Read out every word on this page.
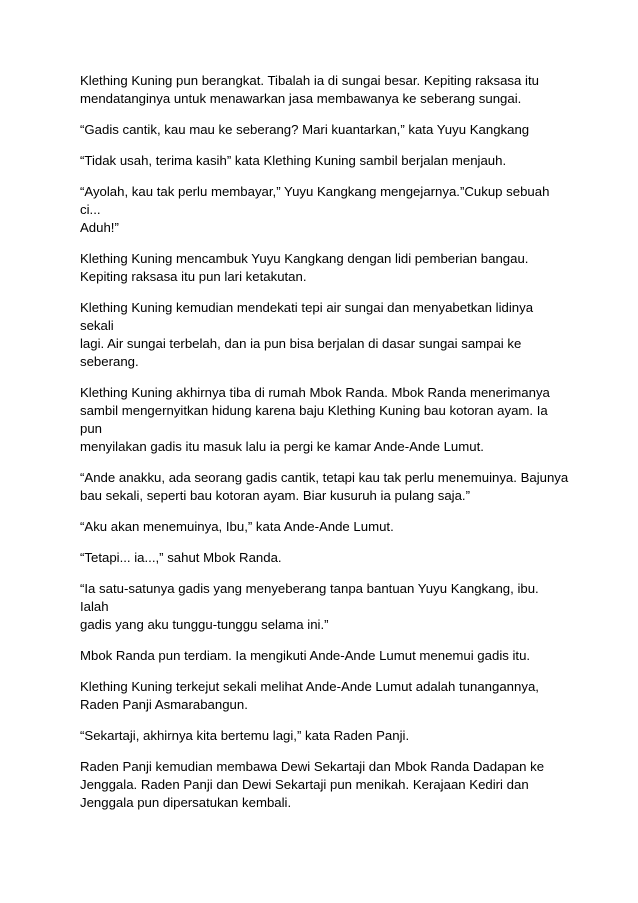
Klething Kuning pun berangkat. Tibalah ia di sungai besar. Kepiting raksasa itu
mendatanginya untuk menawarkan jasa membawanya ke seberang sungai.

“Gadis cantik, kau mau ke seberang? Mari kuantarkan,” kata Yuyu Kangkang

“Tidak usah, terima kasih” kata Klething Kuning sambil berjalan menjauh.

“Ayolah, kau tak perlu membayar,” Yuyu Kangkang mengejarnya.”Cukup sebuah ci...
Aduh!”

Klething Kuning mencambuk Yuyu Kangkang dengan lidi pemberian bangau.
Kepiting raksasa itu pun lari ketakutan.

Klething Kuning kemudian mendekati tepi air sungai dan menyabetkan lidinya sekali
lagi. Air sungai terbelah, dan ia pun bisa berjalan di dasar sungai sampai ke
seberang.

Klething Kuning akhirnya tiba di rumah Mbok Randa. Mbok Randa menerimanya
sambil mengernyitkan hidung karena baju Klething Kuning bau kotoran ayam. Ia pun
menyilakan gadis itu masuk lalu ia pergi ke kamar Ande-Ande Lumut.

“Ande anakku, ada seorang gadis cantik, tetapi kau tak perlu menemuinya. Bajunya
bau sekali, seperti bau kotoran ayam. Biar kusuruh ia pulang saja.”

“Aku akan menemuinya, Ibu,” kata Ande-Ande Lumut.

“Tetapi... ia...,” sahut Mbok Randa.

“Ia satu-satunya gadis yang menyeberang tanpa bantuan Yuyu Kangkang, ibu. Ialah
gadis yang aku tunggu-tunggu selama ini.”

Mbok Randa pun terdiam. Ia mengikuti Ande-Ande Lumut menemui gadis itu.

Klething Kuning terkejut sekali melihat Ande-Ande Lumut adalah tunangannya,
Raden Panji Asmarabangun.

“Sekartaji, akhirnya kita bertemu lagi,” kata Raden Panji.

Raden Panji kemudian membawa Dewi Sekartaji dan Mbok Randa Dadapan ke
Jenggala. Raden Panji dan Dewi Sekartaji pun menikah. Kerajaan Kediri dan
Jenggala pun dipersatukan kembali.
